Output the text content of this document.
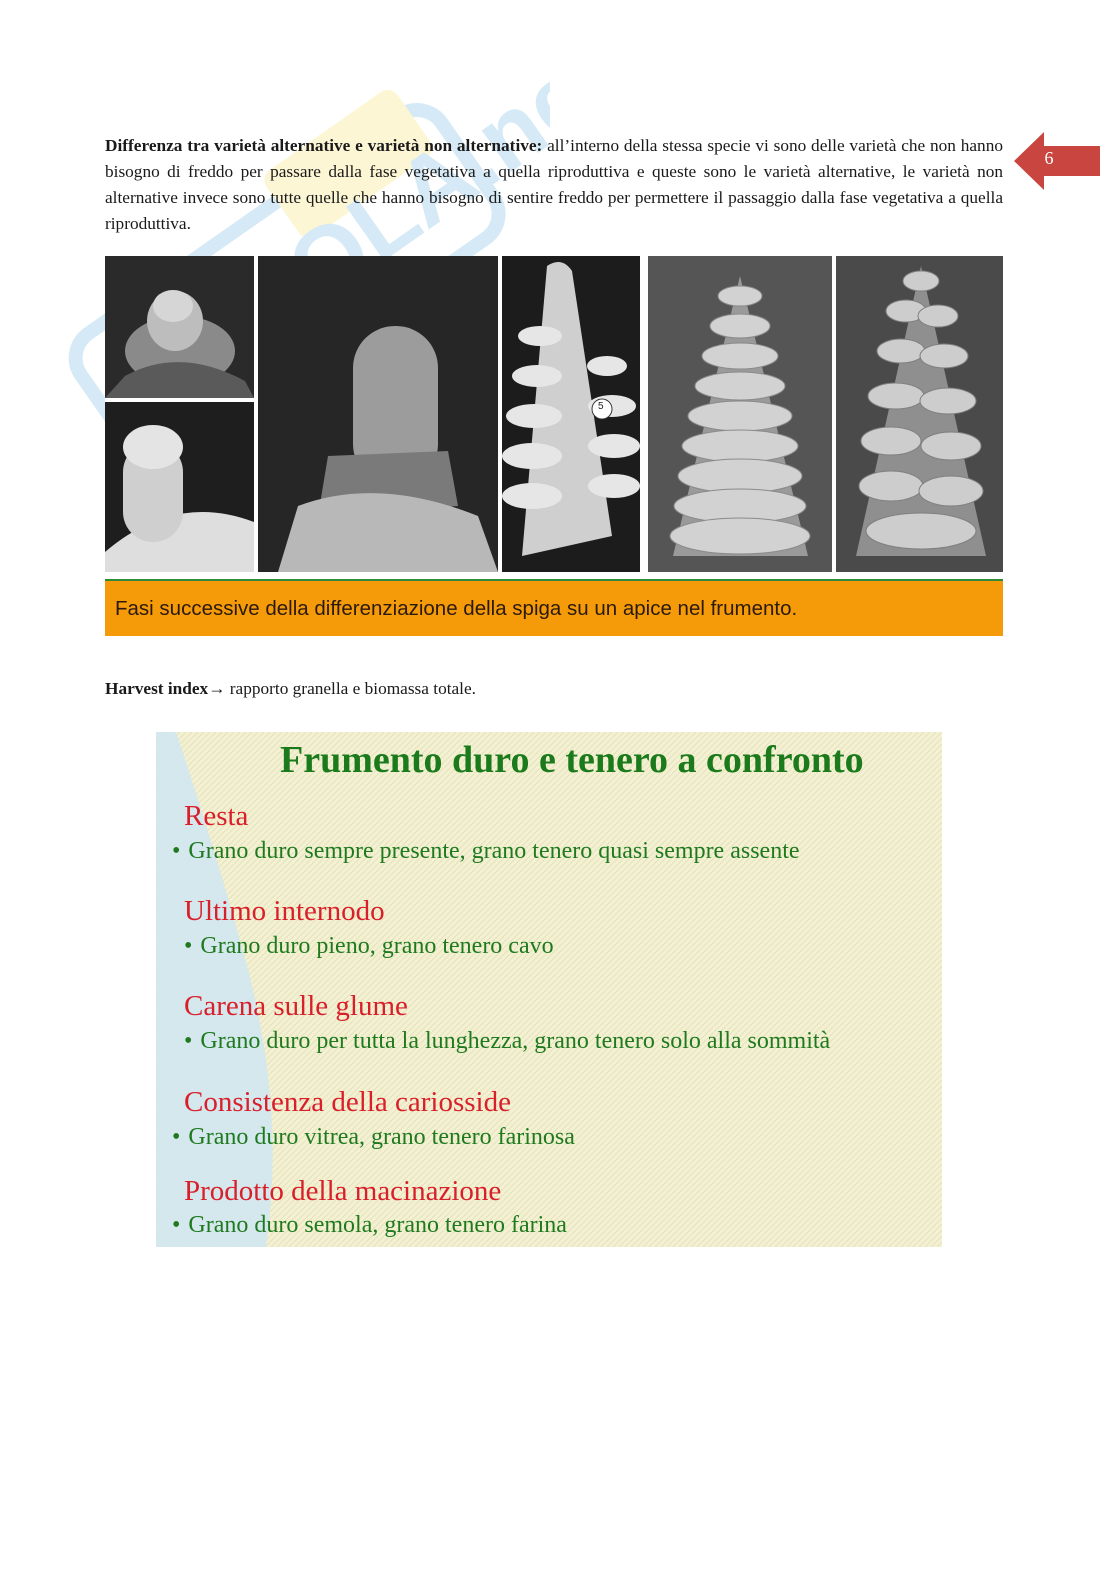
6

Differenza tra varietà alternative e varietà non alternative: all’interno della stessa specie vi sono delle varietà che non hanno bisogno di freddo per passare dalla fase vegetativa a quella riproduttiva e queste sono le varietà alternative, le varietà non alternative invece sono tutte quelle che hanno bisogno di sentire freddo per permettere il passaggio dalla fase vegetativa a quella riproduttiva.

5
Fasi successive della differenziazione della spiga su un apice nel frumento.

Harvest index→ rapporto granella e biomassa totale.

Frumento duro e tenero a confronto
Resta
• Grano duro sempre presente, grano tenero quasi sempre assente
Ultimo internodo
• Grano duro pieno, grano tenero cavo
Carena sulle glume
• Grano duro per tutta la lunghezza, grano tenero solo alla sommità
Consistenza della cariosside
• Grano duro vitrea, grano tenero farinosa
Prodotto della macinazione
• Grano duro semola, grano tenero farina
